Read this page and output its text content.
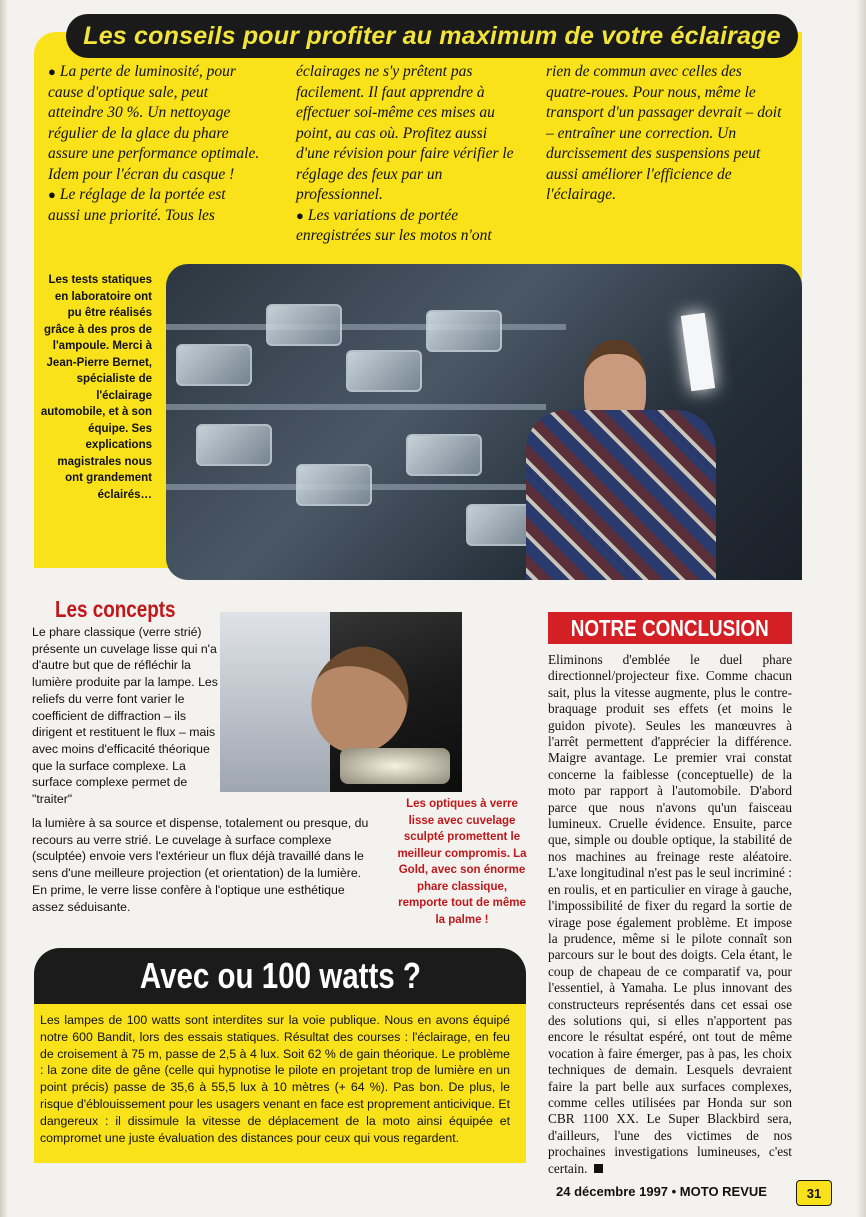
Les conseils pour profiter au maximum de votre éclairage

● La perte de luminosité, pour cause d'optique sale, peut atteindre 30 %. Un nettoyage régulier de la glace du phare assure une performance optimale. Idem pour l'écran du casque !

● Le réglage de la portée est aussi une priorité. Tous les

éclairages ne s'y prêtent pas facilement. Il faut apprendre à effectuer soi-même ces mises au point, au cas où. Profitez aussi d'une révision pour faire vérifier le réglage des feux par un professionnel.

● Les variations de portée enregistrées sur les motos n'ont

rien de commun avec celles des quatre-roues. Pour nous, même le transport d'un passager devrait – doit – entraîner une correction. Un durcissement des suspensions peut aussi améliorer l'efficience de l'éclairage.

Les tests statiques en laboratoire ont pu être réalisés grâce à des pros de l'ampoule. Merci à Jean-Pierre Bernet, spécialiste de l'éclairage automobile, et à son équipe. Ses explications magistrales nous ont grandement éclairés…

Les concepts

Le phare classique (verre strié) présente un cuvelage lisse qui n'a d'autre but que de réfléchir la lumière produite par la lampe. Les reliefs du verre font varier le coefficient de diffraction – ils dirigent et restituent le flux – mais avec moins d'efficacité théorique que la surface complexe. La surface complexe permet de "traiter"

la lumière à sa source et dispense, totalement ou presque, du recours au verre strié. Le cuvelage à surface complexe (sculptée) envoie vers l'extérieur un flux déjà travaillé dans le sens d'une meilleure projection (et orientation) de la lumière. En prime, le verre lisse confère à l'optique une esthétique assez séduisante.

Les optiques à verre lisse avec cuvelage sculpté promettent le meilleur compromis. La Gold, avec son énorme phare classique, remporte tout de même la palme !

Avec ou 100 watts ?

Les lampes de 100 watts sont interdites sur la voie publique. Nous en avons équipé notre 600 Bandit, lors des essais statiques. Résultat des courses : l'éclairage, en feu de croisement à 75 m, passe de 2,5 à 4 lux. Soit 62 % de gain théorique. Le problème : la zone dite de gêne (celle qui hypnotise le pilote en projetant trop de lumière en un point précis) passe de 35,6 à 55,5 lux à 10 mètres (+ 64 %). Pas bon. De plus, le risque d'éblouissement pour les usagers venant en face est proprement anticivique. Et dangereux : il dissimule la vitesse de déplacement de la moto ainsi équipée et compromet une juste évaluation des distances pour ceux qui vous regardent.

NOTRE CONCLUSION

Eliminons d'emblée le duel phare directionnel/projecteur fixe. Comme chacun sait, plus la vitesse augmente, plus le contre-braquage produit ses effets (et moins le guidon pivote). Seules les manœuvres à l'arrêt permettent d'apprécier la différence. Maigre avantage. Le premier vrai constat concerne la faiblesse (conceptuelle) de la moto par rapport à l'automobile. D'abord parce que nous n'avons qu'un faisceau lumineux. Cruelle évidence. Ensuite, parce que, simple ou double optique, la stabilité de nos machines au freinage reste aléatoire. L'axe longitudinal n'est pas le seul incriminé : en roulis, et en particulier en virage à gauche, l'impossibilité de fixer du regard la sortie de virage pose également problème. Et impose la prudence, même si le pilote connaît son parcours sur le bout des doigts. Cela étant, le coup de chapeau de ce comparatif va, pour l'essentiel, à Yamaha. Le plus innovant des constructeurs représentés dans cet essai ose des solutions qui, si elles n'apportent pas encore le résultat espéré, ont tout de même vocation à faire émerger, pas à pas, les choix techniques de demain. Lesquels devraient faire la part belle aux surfaces complexes, comme celles utilisées par Honda sur son CBR 1100 XX. Le Super Blackbird sera, d'ailleurs, l'une des victimes de nos prochaines investigations lumineuses, c'est certain.

24 décembre 1997 • MOTO REVUE	31
